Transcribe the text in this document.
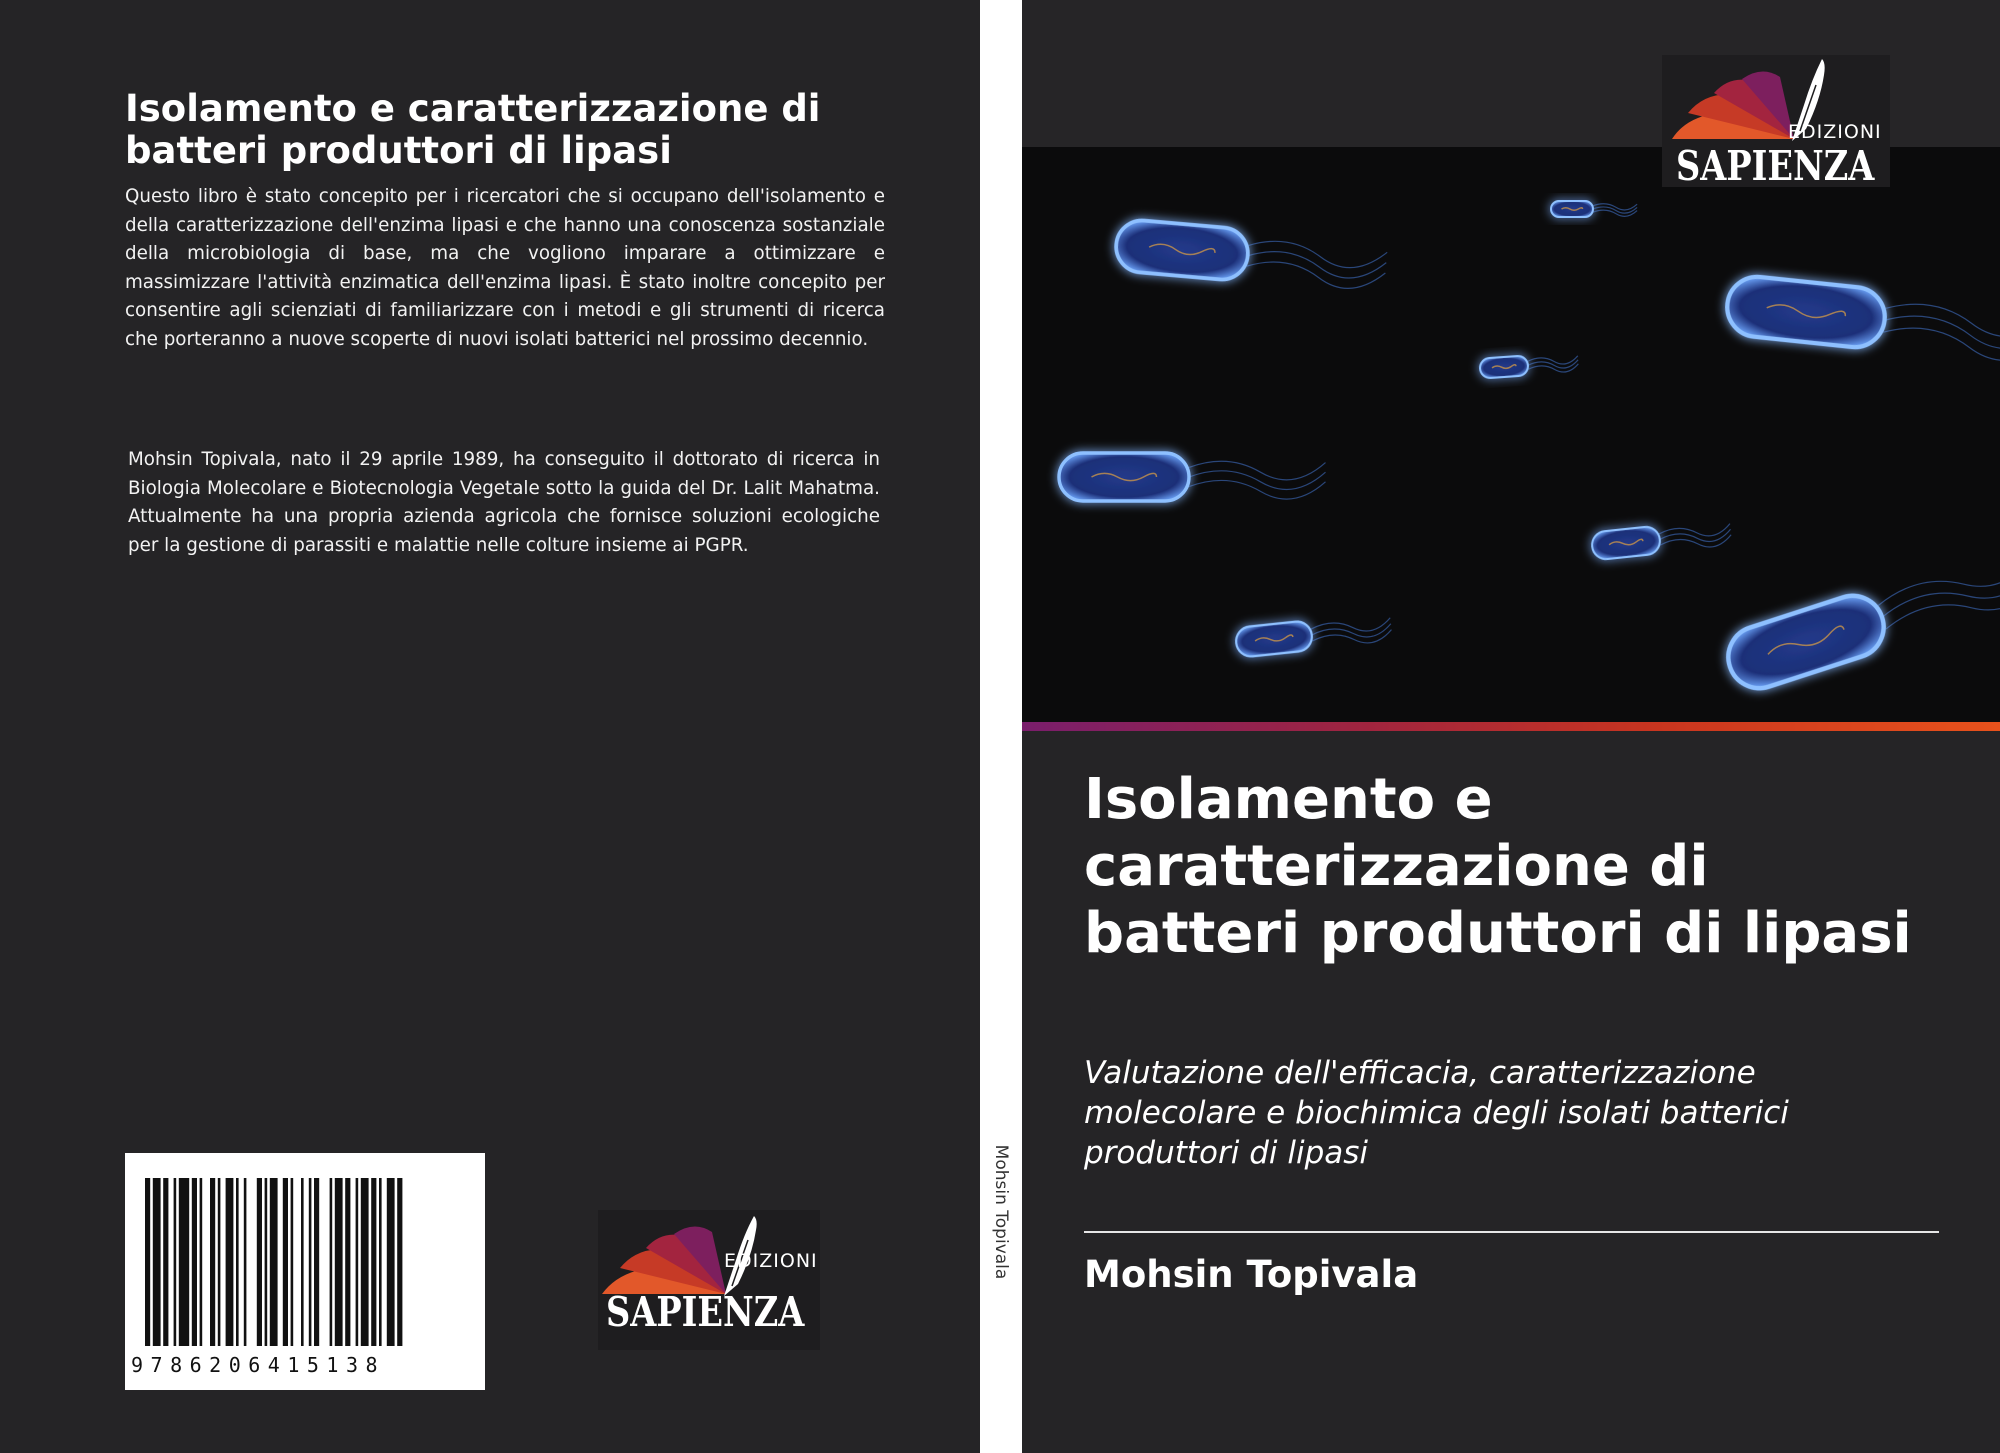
Isolamento e caratterizzazione di batteri produttori di lipasi

Questo libro è stato concepito per i ricercatori che si occupano dell'isolamento e della caratterizzazione dell'enzima lipasi e che hanno una conoscenza sostanziale della microbiologia di base, ma che vogliono imparare a ottimizzare e massimizzare l'attività enzimatica dell'enzima lipasi. È stato inoltre concepito per consentire agli scienziati di familiarizzare con i metodi e gli strumenti di ricerca che porteranno a nuove scoperte di nuovi isolati batterici nel prossimo decennio.

Mohsin Topivala, nato il 29 aprile 1989, ha conseguito il dottorato di ricerca in Biologia Molecolare e Biotecnologia Vegetale sotto la guida del Dr. Lalit Mahatma. Attualmente ha una propria azienda agricola che fornisce soluzioni ecologiche per la gestione di parassiti e malattie nelle colture insieme ai PGPR.

9786206415138
EDIZIONI
SAPIENZA
Mohsin Topivala
EDIZIONI
SAPIENZA
Isolamento e caratterizzazione di batteri produttori di lipasi

Valutazione dell'efficacia, caratterizzazione molecolare e biochimica degli isolati batterici produttori di lipasi

Mohsin Topivala
